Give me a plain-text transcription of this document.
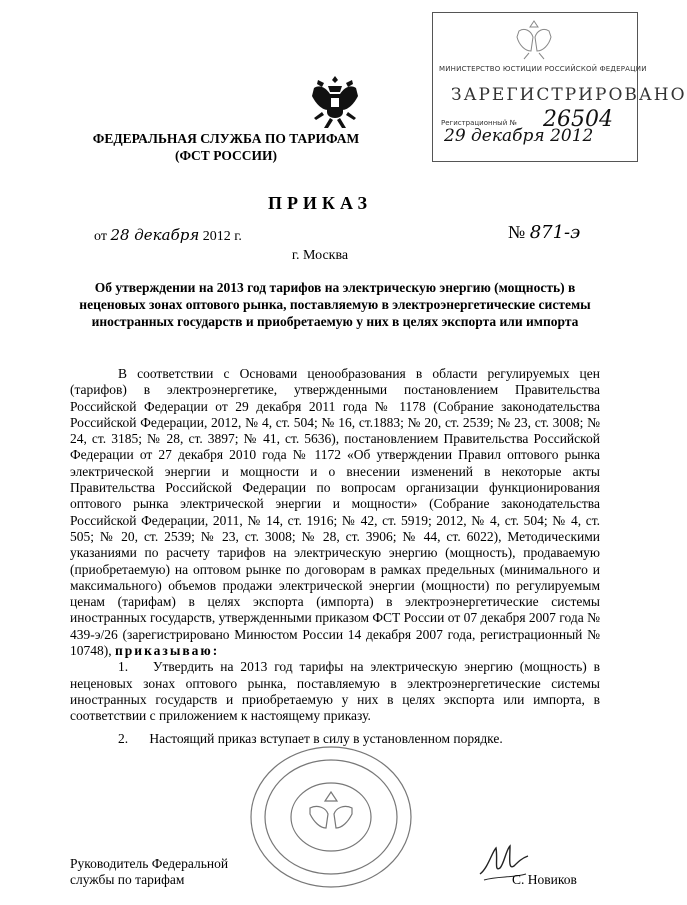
ФЕДЕРАЛЬНАЯ СЛУЖБА ПО ТАРИФАМ
(ФСТ РОССИИ)
МИНИСТЕРСТВО ЮСТИЦИИ РОССИЙСКОЙ ФЕДЕРАЦИИ
ЗАРЕГИСТРИРОВАНО
Регистрационный № 26504
29 декабря 2012
ПРИКАЗ
от 28 декабря 2012 г.	№ 871-э
г. Москва
Об утверждении на 2013 год тарифов на электрическую энергию (мощность) в неценовых зонах оптового рынка, поставляемую в электроэнергетические системы иностранных государств и приобретаемую у них в целях экспорта или импорта

В соответствии с Основами ценообразования в области регулируемых цен (тарифов) в электроэнергетике, утвержденными постановлением Правительства Российской Федерации от 29 декабря 2011 года № 1178 (Собрание законодательства Российской Федерации, 2012, № 4, ст. 504; № 16, ст.1883; № 20, ст. 2539; № 23, ст. 3008; № 24, ст. 3185; № 28, ст. 3897; № 41, ст. 5636), постановлением Правительства Российской Федерации от 27 декабря 2010 года № 1172 «Об утверждении Правил оптового рынка электрической энергии и мощности и о внесении изменений в некоторые акты Правительства Российской Федерации по вопросам организации функционирования оптового рынка электрической энергии и мощности» (Собрание законодательства Российской Федерации, 2011, № 14, ст. 1916; № 42, ст. 5919; 2012, № 4, ст. 504; № 4, ст. 505; № 20, ст. 2539; № 23, ст. 3008; № 28, ст. 3906; № 44, ст. 6022), Методическими указаниями по расчету тарифов на электрическую энергию (мощность), продаваемую (приобретаемую) на оптовом рынке по договорам в рамках предельных (минимального и максимального) объемов продажи электрической энергии (мощности) по регулируемым ценам (тарифам) в целях экспорта (импорта) в электроэнергетические системы иностранных государств, утвержденными приказом ФСТ России от 07 декабря 2007 года № 439-э/26 (зарегистрировано Минюстом России 14 декабря 2007 года, регистрационный № 10748), приказываю:

1. Утвердить на 2013 год тарифы на электрическую энергию (мощность) в неценовых зонах оптового рынка, поставляемую в электроэнергетические системы иностранных государств и приобретаемую у них в целях экспорта или импорта, в соответствии с приложением к настоящему приказу.

2. Настоящий приказ вступает в силу в установленном порядке.

Руководитель Федеральной
службы по тарифам	С. Новиков
